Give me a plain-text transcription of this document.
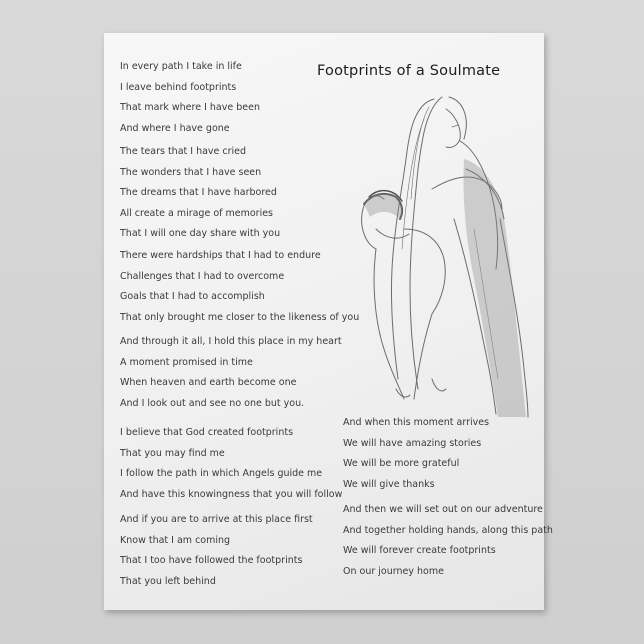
Footprints of a Soulmate
In every path I take in life
I leave behind footprints
That mark where I have been
And where I have gone
The tears that I have cried
The wonders that I have seen
The dreams that I have harbored
All create a mirage of memories
That I will one day share with you
There were hardships that I had to endure
Challenges that I had to overcome
Goals that I had to accomplish
That only brought me closer to the likeness of you
And through it all, I hold this place in my heart
A moment promised in time
When heaven and earth become one
And I look out and see no one but you.
I believe that God created footprints
That you may find me
I follow the path in which Angels guide me
And have this knowingness that you will follow
And if you are to arrive at this place first
Know that I am coming
That I too have followed the footprints
That you left behind
And when this moment arrives
We will have amazing stories
We will be more grateful
We will give thanks
And then we will set out on our adventure
And together holding hands, along this path
We will forever create footprints
On our journey home
